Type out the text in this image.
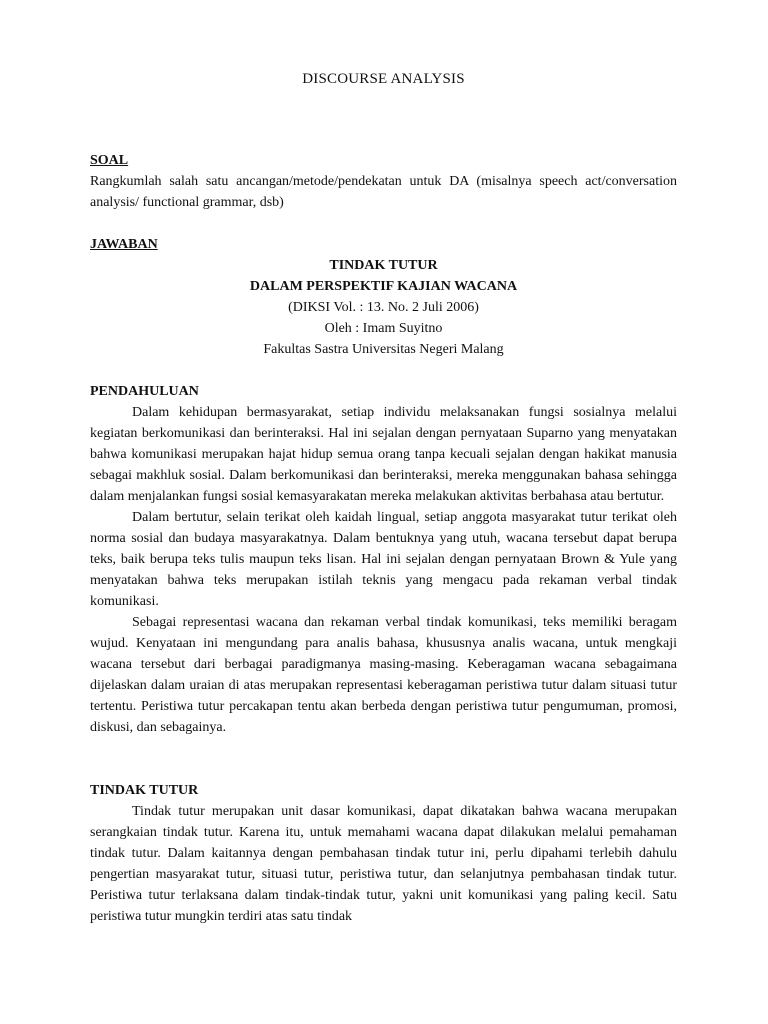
DISCOURSE ANALYSIS
SOAL

Rangkumlah salah satu ancangan/metode/pendekatan untuk DA (misalnya speech act/conversation analysis/ functional grammar, dsb)

JAWABAN
TINDAK TUTUR
DALAM PERSPEKTIF KAJIAN WACANA
(DIKSI Vol. : 13. No. 2 Juli 2006)
Oleh : Imam Suyitno
Fakultas Sastra Universitas Negeri Malang
PENDAHULUAN

Dalam kehidupan bermasyarakat, setiap individu melaksanakan fungsi sosialnya melalui kegiatan berkomunikasi dan berinteraksi. Hal ini sejalan dengan pernyataan Suparno yang menyatakan bahwa komunikasi merupakan hajat hidup semua orang tanpa kecuali sejalan dengan hakikat manusia sebagai makhluk sosial. Dalam berkomunikasi dan berinteraksi, mereka menggunakan bahasa sehingga dalam menjalankan fungsi sosial kemasyarakatan mereka melakukan aktivitas berbahasa atau bertutur.

Dalam bertutur, selain terikat oleh kaidah lingual, setiap anggota masyarakat tutur terikat oleh norma sosial dan budaya masyarakatnya. Dalam bentuknya yang utuh, wacana tersebut dapat berupa teks, baik berupa teks tulis maupun teks lisan. Hal ini sejalan dengan pernyataan Brown & Yule yang menyatakan bahwa teks merupakan istilah teknis yang mengacu pada rekaman verbal tindak komunikasi.

Sebagai representasi wacana dan rekaman verbal tindak komunikasi, teks memiliki beragam wujud. Kenyataan ini mengundang para analis bahasa, khususnya analis wacana, untuk mengkaji wacana tersebut dari berbagai paradigmanya masing-masing. Keberagaman wacana sebagaimana dijelaskan dalam uraian di atas merupakan representasi keberagaman peristiwa tutur dalam situasi tutur tertentu. Peristiwa tutur percakapan tentu akan berbeda dengan peristiwa tutur pengumuman, promosi, diskusi, dan sebagainya.

TINDAK TUTUR

Tindak tutur merupakan unit dasar komunikasi, dapat dikatakan bahwa wacana merupakan serangkaian tindak tutur. Karena itu, untuk memahami wacana dapat dilakukan melalui pemahaman tindak tutur. Dalam kaitannya dengan pembahasan tindak tutur ini, perlu dipahami terlebih dahulu pengertian masyarakat tutur, situasi tutur, peristiwa tutur, dan selanjutnya pembahasan tindak tutur. Peristiwa tutur terlaksana dalam tindak-tindak tutur, yakni unit komunikasi yang paling kecil. Satu peristiwa tutur mungkin terdiri atas satu tindak
